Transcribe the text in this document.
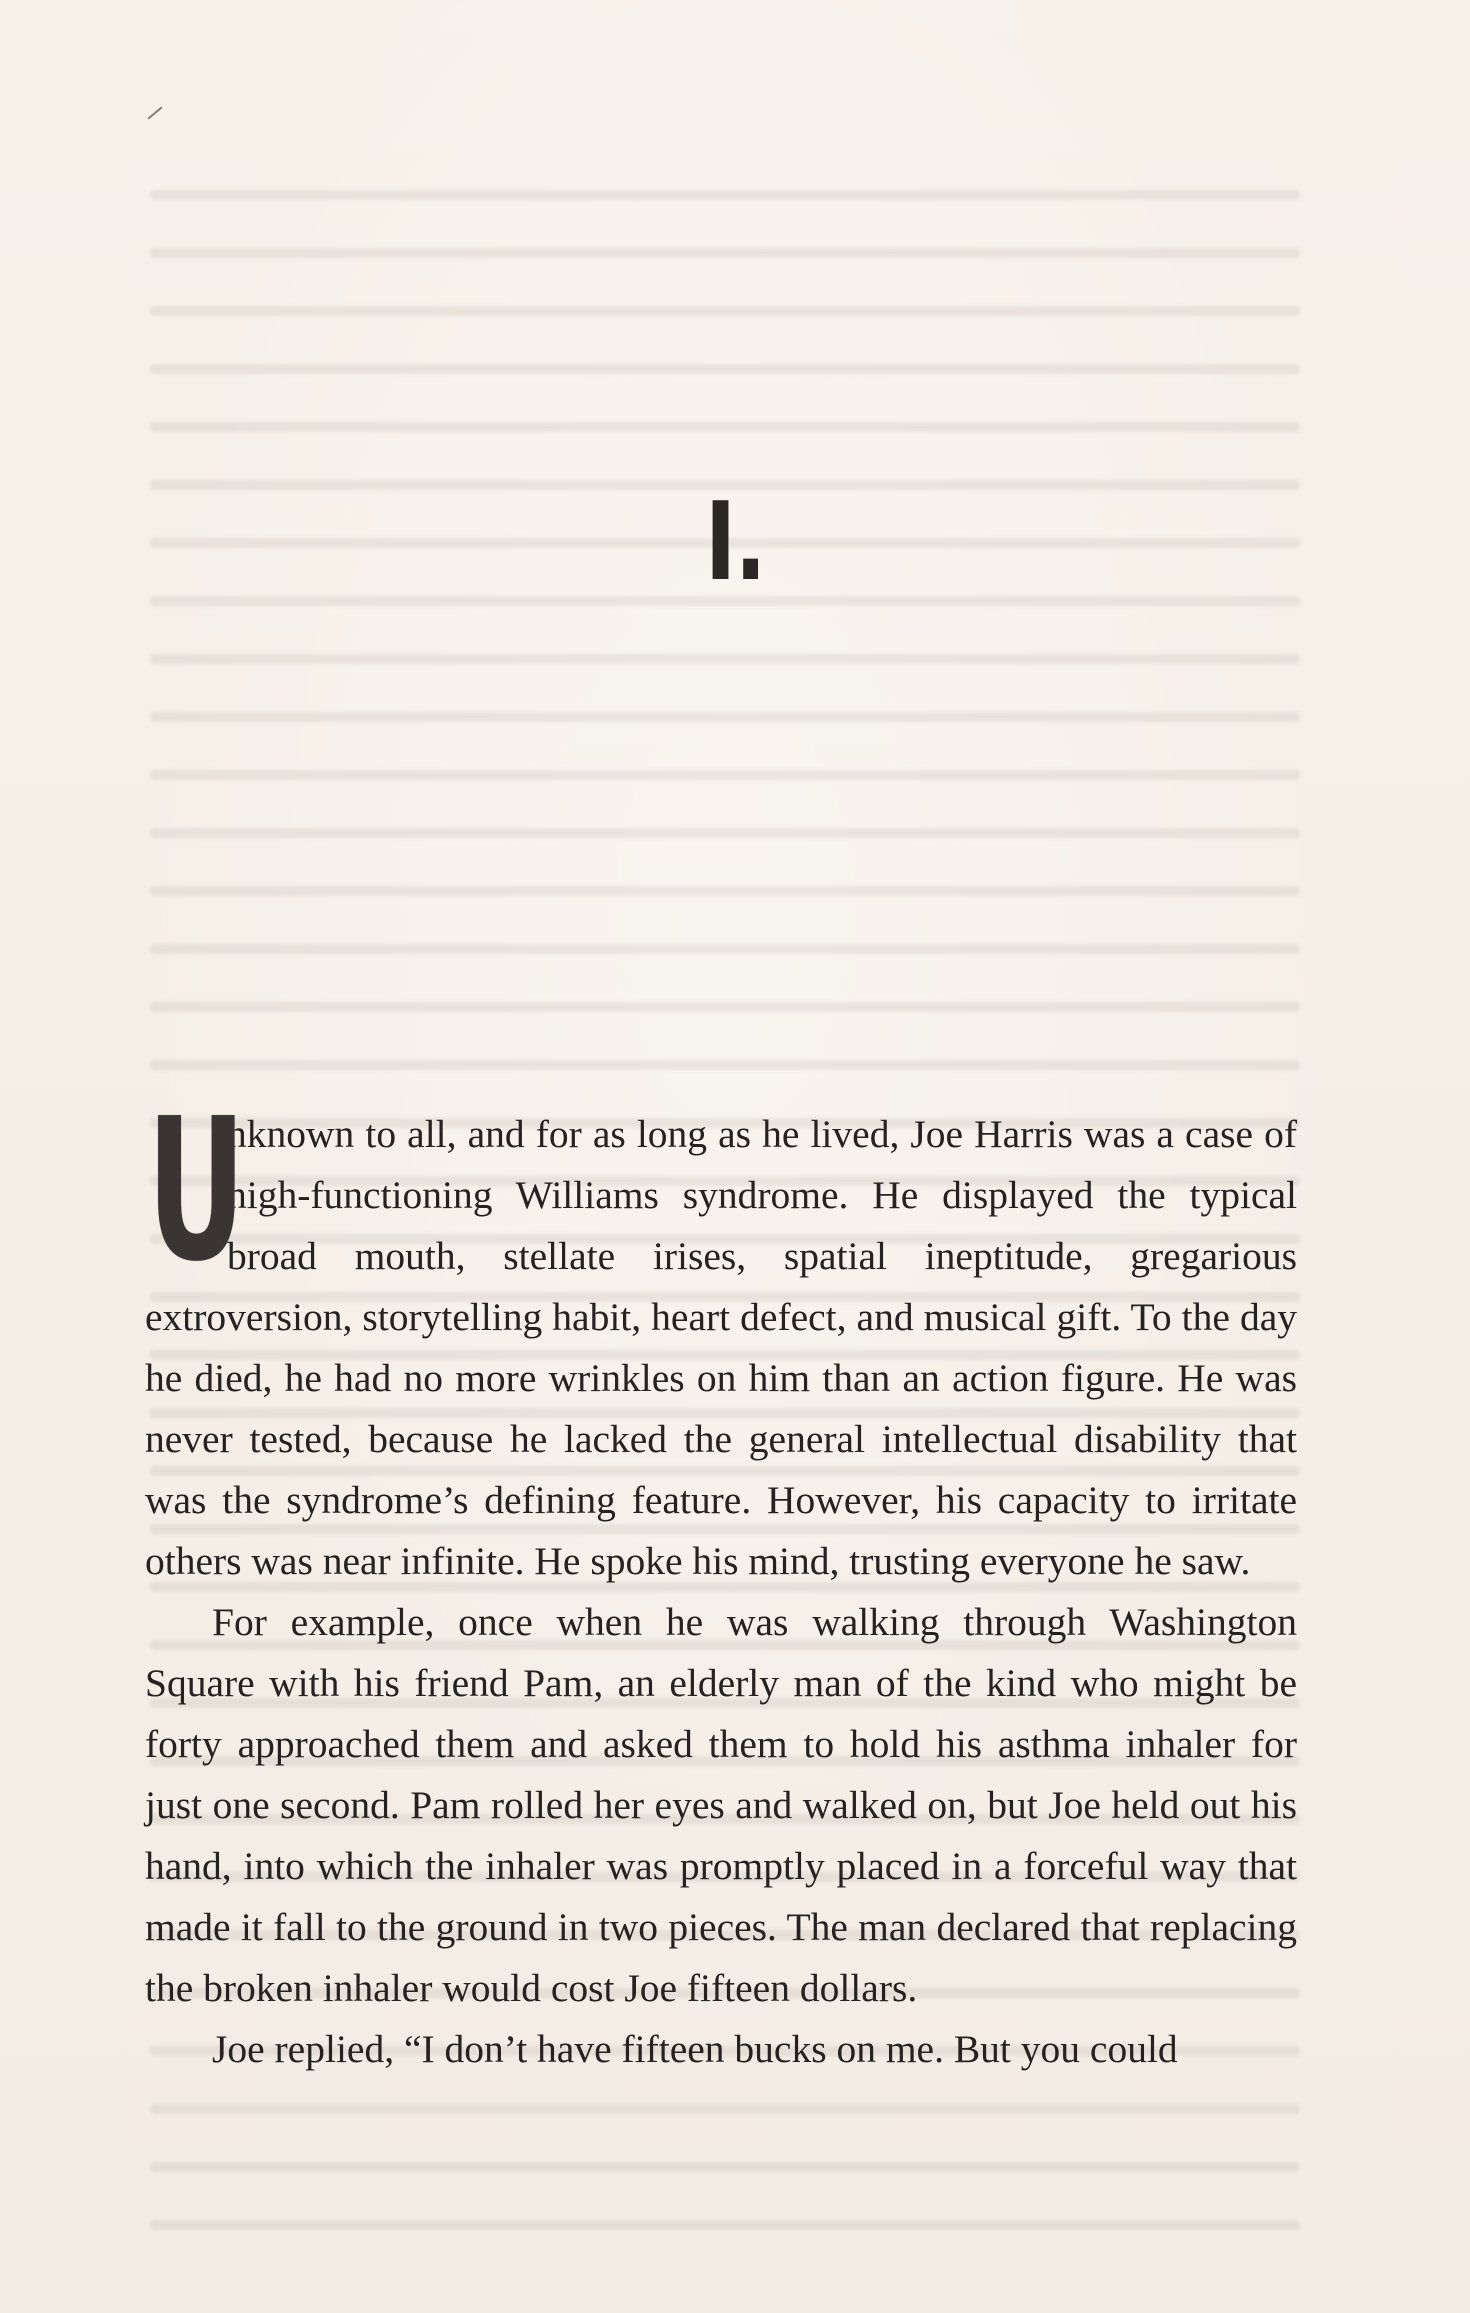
I.

U
nknown to all, and for as long as he lived, Joe Harris was a case of high-functioning Williams syndrome. He displayed the typical broad mouth, stellate irises, spatial ineptitude, gregarious extroversion, storytelling habit, heart defect, and musical gift. To the day he died, he had no more wrinkles on him than an action figure. He was never tested, because he lacked the general intellectual disability that was the syndrome’s defining feature. However, his capacity to irritate others was near infinite. He spoke his mind, trusting everyone he saw.

For example, once when he was walking through Washington Square with his friend Pam, an elderly man of the kind who might be forty approached them and asked them to hold his asthma inhaler for just one second. Pam rolled her eyes and walked on, but Joe held out his hand, into which the inhaler was promptly placed in a forceful way that made it fall to the ground in two pieces. The man declared that replacing the broken inhaler would cost Joe fifteen dollars.

Joe replied, “I don’t have fifteen bucks on me. But you could
